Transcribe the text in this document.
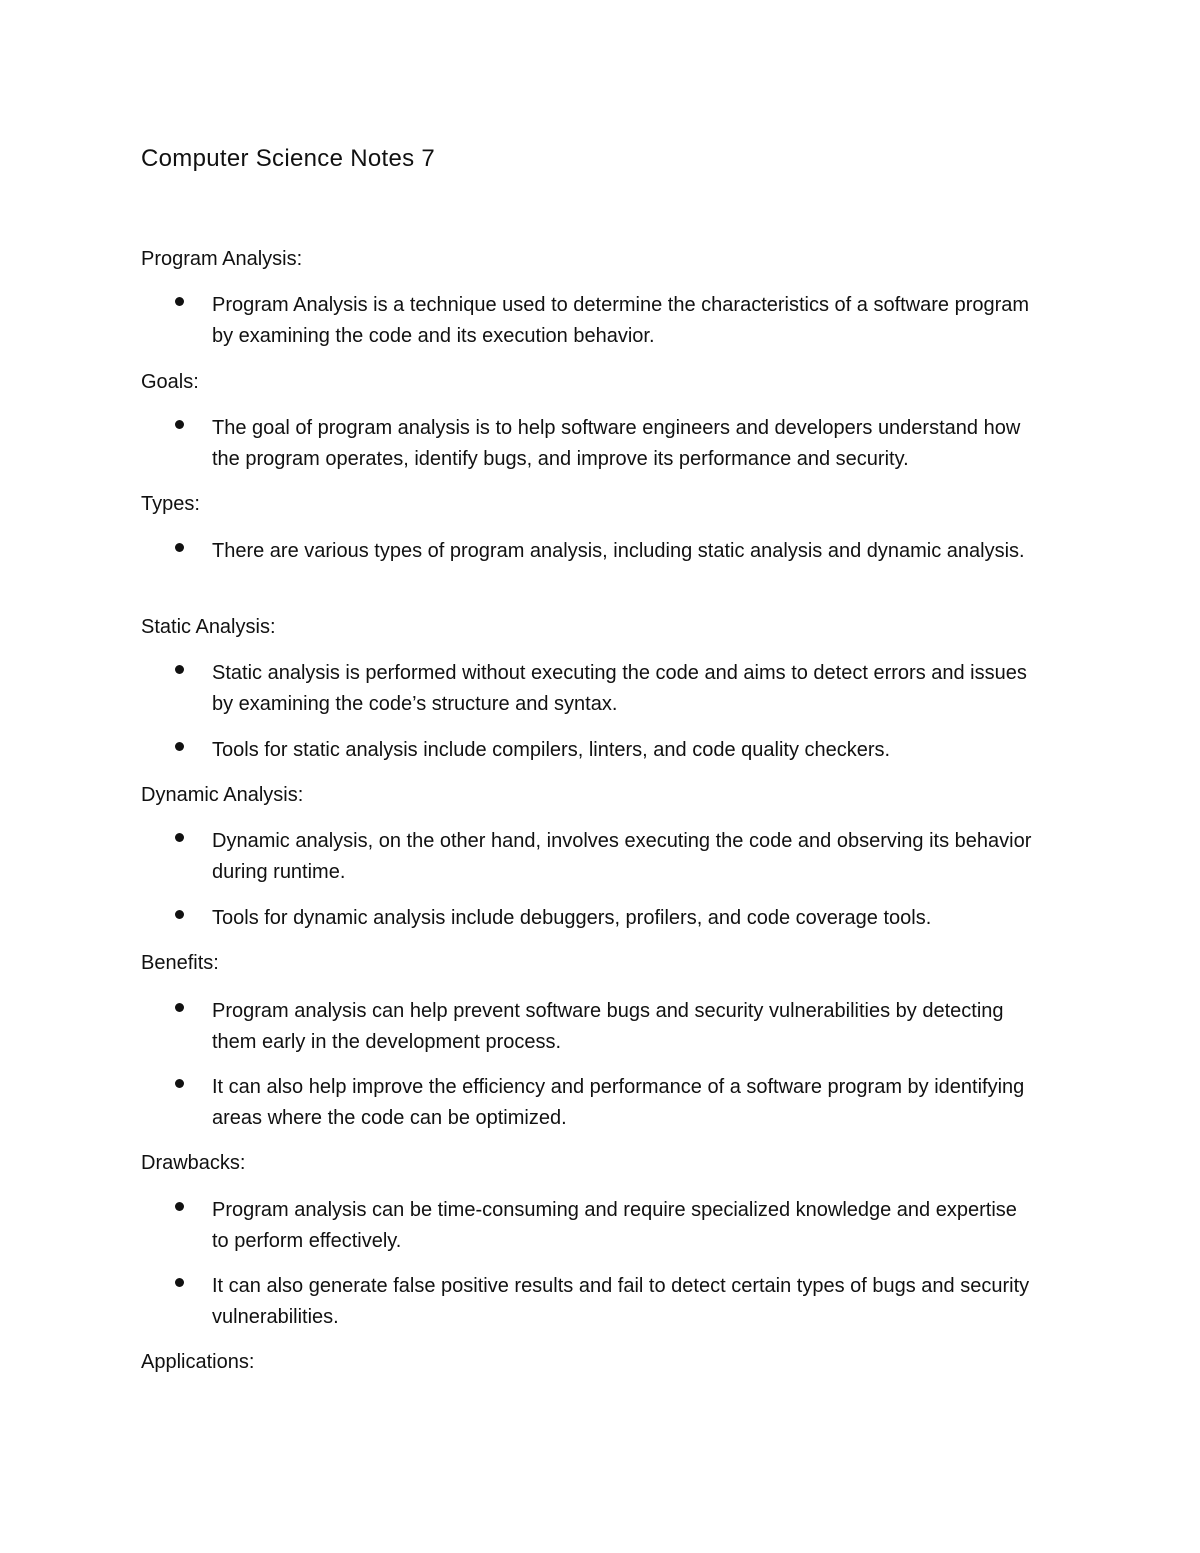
Computer Science Notes 7
Program Analysis:
Program Analysis is a technique used to determine the characteristics of a software program by examining the code and its execution behavior.
Goals:
The goal of program analysis is to help software engineers and developers understand how the program operates, identify bugs, and improve its performance and security.
Types:
There are various types of program analysis, including static analysis and dynamic analysis.
Static Analysis:
Static analysis is performed without executing the code and aims to detect errors and issues by examining the code’s structure and syntax.
Tools for static analysis include compilers, linters, and code quality checkers.
Dynamic Analysis:
Dynamic analysis, on the other hand, involves executing the code and observing its behavior during runtime.
Tools for dynamic analysis include debuggers, profilers, and code coverage tools.
Benefits:
Program analysis can help prevent software bugs and security vulnerabilities by detecting them early in the development process.
It can also help improve the efficiency and performance of a software program by identifying areas where the code can be optimized.
Drawbacks:
Program analysis can be time-consuming and require specialized knowledge and expertise to perform effectively.
It can also generate false positive results and fail to detect certain types of bugs and security vulnerabilities.
Applications:
